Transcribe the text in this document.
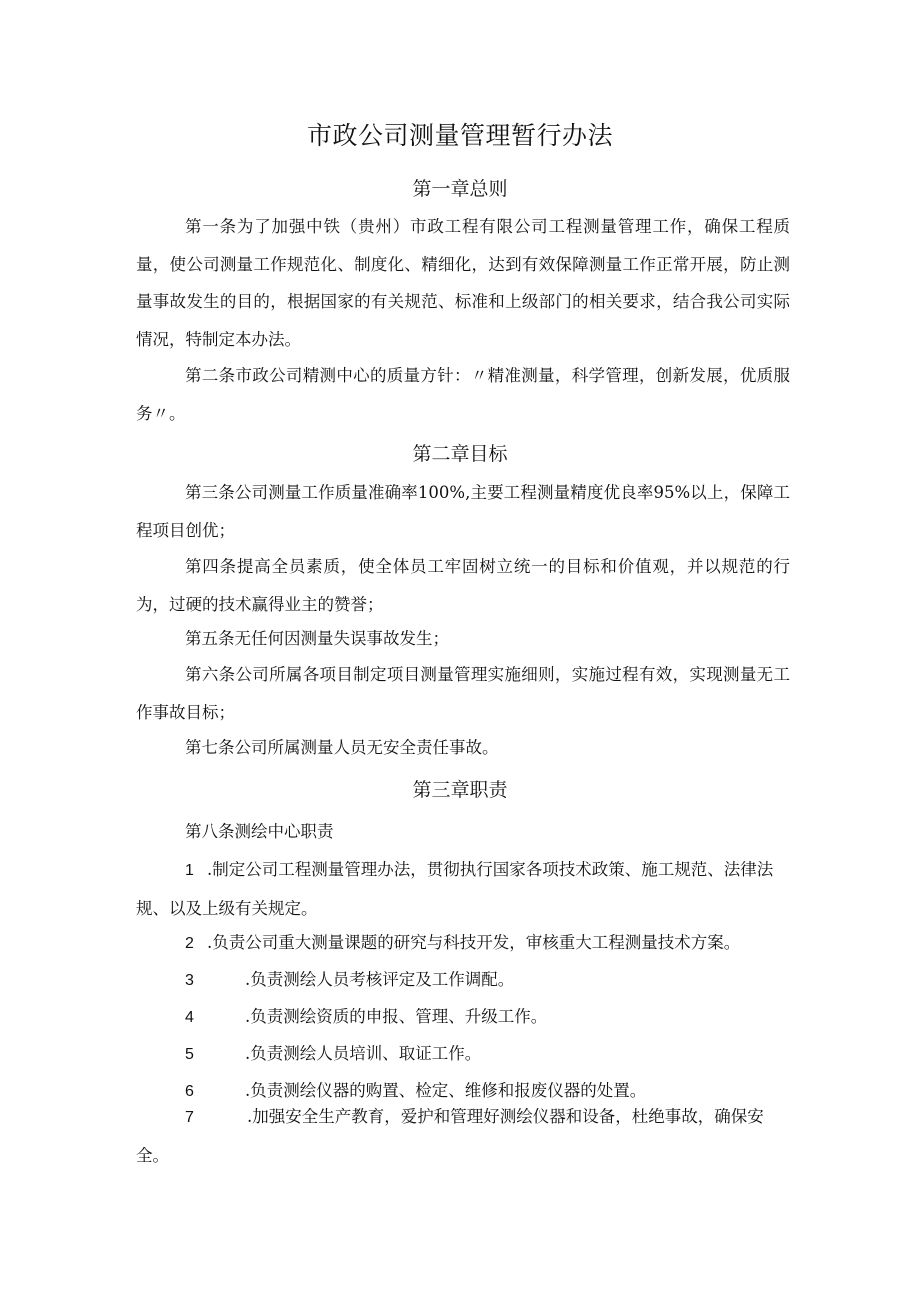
市政公司测量管理暂行办法
第一章总则
第一条为了加强中铁（贵州）市政工程有限公司工程测量管理工作，确保工程质量，使公司测量工作规范化、制度化、精细化，达到有效保障测量工作正常开展，防止测量事故发生的目的，根据国家的有关规范、标准和上级部门的相关要求，结合我公司实际情况，特制定本办法。
第二条市政公司精测中心的质量方针：〃精准测量，科学管理，创新发展，优质服务〃。
第二章目标
第三条公司测量工作质量准确率100%,主要工程测量精度优良率95%以上，保障工程项目创优；
第四条提高全员素质，使全体员工牢固树立统一的目标和价值观，并以规范的行为，过硬的技术赢得业主的赞誉；
第五条无任何因测量失误事故发生；
第六条公司所属各项目制定项目测量管理实施细则，实施过程有效，实现测量无工作事故目标；
第七条公司所属测量人员无安全责任事故。
第三章职责
第八条测绘中心职责
1 .制定公司工程测量管理办法，贯彻执行国家各项技术政策、施工规范、法律法规、以及上级有关规定。
2 .负责公司重大测量课题的研究与科技开发，审核重大工程测量技术方案。
3	.负责测绘人员考核评定及工作调配。
4	.负责测绘资质的申报、管理、升级工作。
5	.负责测绘人员培训、取证工作。
6	.负责测绘仪器的购置、检定、维修和报废仪器的处置。
7	.加强安全生产教育，爱护和管理好测绘仪器和设备，杜绝事故，确保安全。
